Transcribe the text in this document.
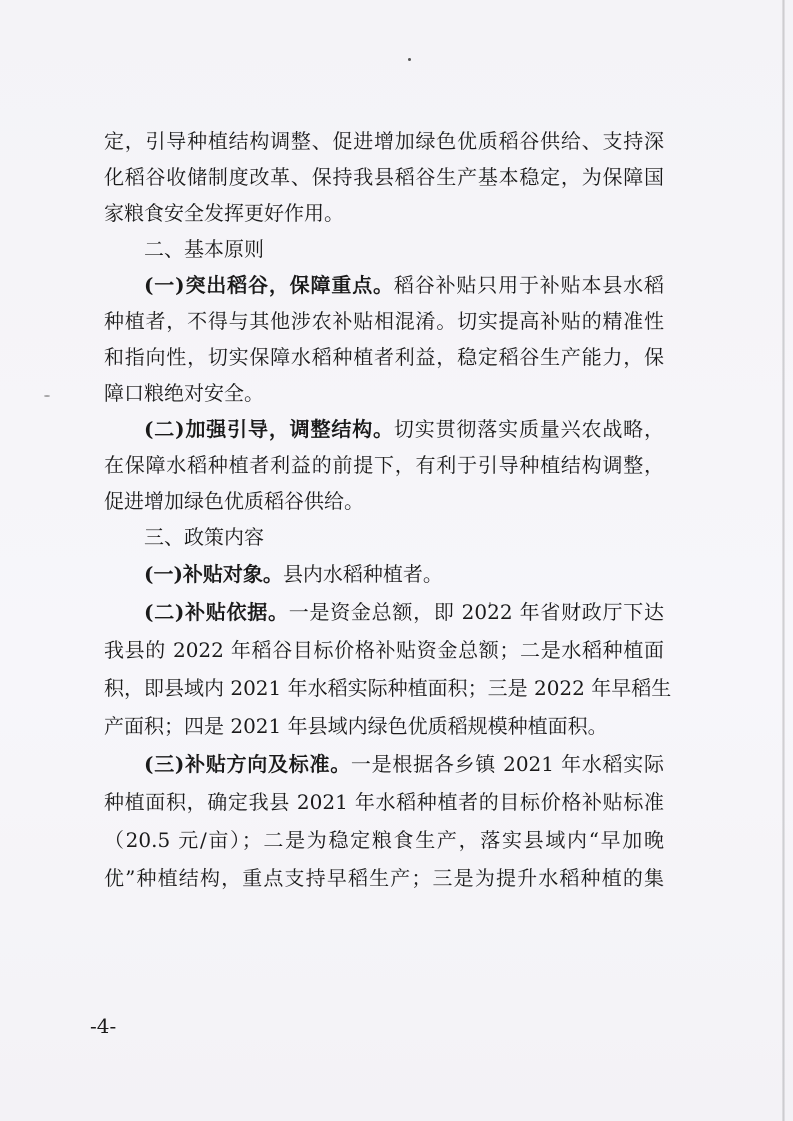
定，引导种植结构调整、促进增加绿色优质稻谷供给、支持深
化稻谷收储制度改革、保持我县稻谷生产基本稳定，为保障国
家粮食安全发挥更好作用。
二、基本原则
(一)突出稻谷，保障重点。稻谷补贴只用于补贴本县水稻
种植者，不得与其他涉农补贴相混淆。切实提高补贴的精准性
和指向性，切实保障水稻种植者利益，稳定稻谷生产能力，保
障口粮绝对安全。
(二)加强引导，调整结构。切实贯彻落实质量兴农战略，
在保障水稻种植者利益的前提下，有利于引导种植结构调整，
促进增加绿色优质稻谷供给。
三、政策内容
(一)补贴对象。县内水稻种植者。
(二)补贴依据。一是资金总额，即 2022 年省财政厅下达
我县的 2022 年稻谷目标价格补贴资金总额；二是水稻种植面
积，即县域内 2021 年水稻实际种植面积；三是 2022 年早稻生
产面积；四是 2021 年县域内绿色优质稻规模种植面积。
(三)补贴方向及标准。一是根据各乡镇 2021 年水稻实际
种植面积，确定我县 2021 年水稻种植者的目标价格补贴标准
（20.5 元/亩）；二是为稳定粮食生产，落实县域内“早加晚
优”种植结构，重点支持早稻生产；三是为提升水稻种植的集
-4-
